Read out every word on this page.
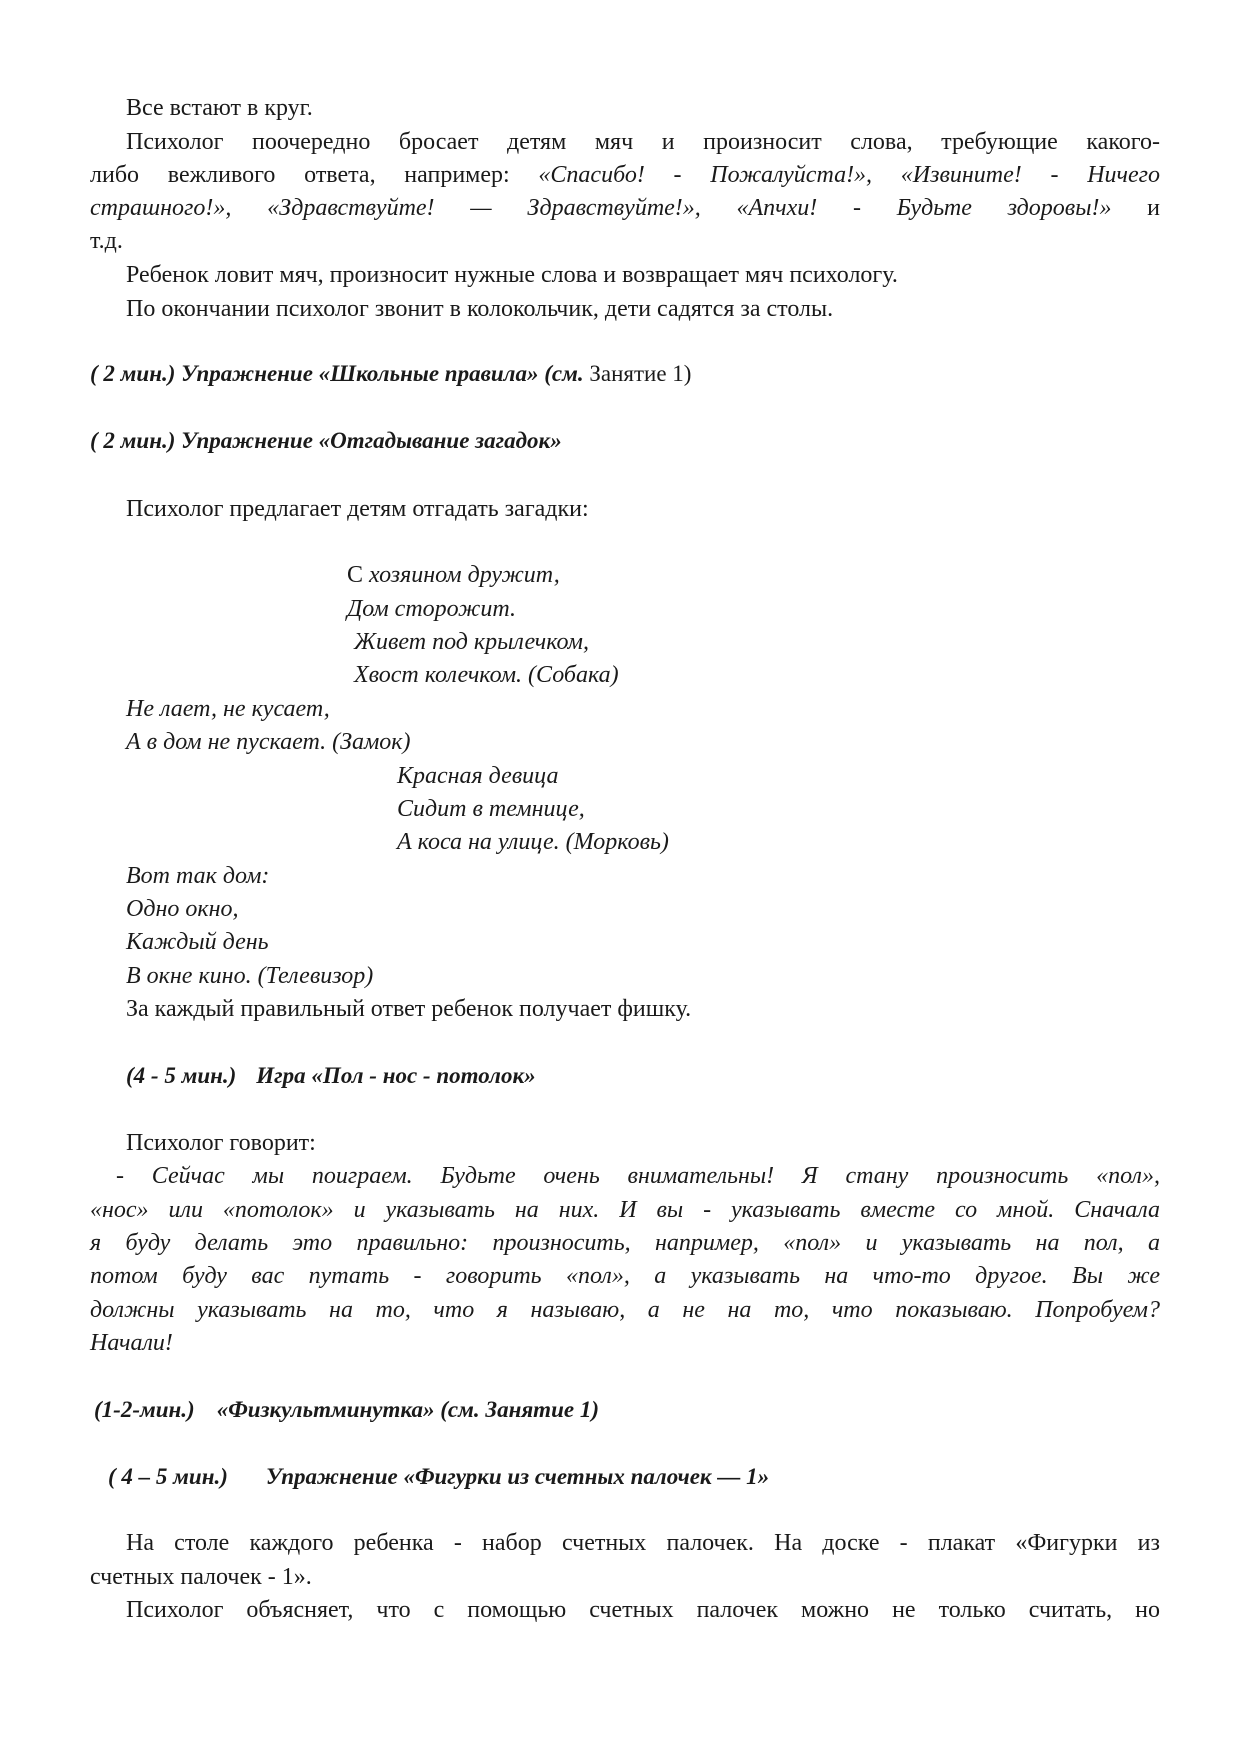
Все встают в круг.
Психолог поочередно бросает детям мяч и произносит слова, требующие какого-
либо вежливого ответа, например: «Спасибо! - Пожалуйста!», «Извините! - Ничего
страшного!», «Здравствуйте! — Здравствуйте!», «Апчхи! - Будьте здоровы!» и
т.д.
Ребенок ловит мяч, произносит нужные слова и возвращает мяч психологу.
По окончании психолог звонит в колокольчик, дети садятся за столы.
( 2 мин.) Упражнение «Школьные правила» (см. Занятие 1)
( 2 мин.) Упражнение «Отгадывание загадок»
Психолог предлагает детям отгадать загадки:
С хозяином дружит,
Дом сторожит.
Живет под крылечком,
Хвост колечком. (Собака)
Не лает, не кусает,
А в дом не пускает. (Замок)
Красная девица
Сидит в темнице,
А коса на улице. (Морковь)
Вот так дом:
Одно окно,
Каждый день
В окне кино. (Телевизор)
За каждый правильный ответ ребенок получает фишку.
(4 - 5 мин.) Игра «Пол - нос - потолок»
Психолог говорит:
- Сейчас мы поиграем. Будьте очень внимательны! Я стану произносить «пол»,
«нос» или «потолок» и указывать на них. И вы - указывать вместе со мной. Сначала
я буду делать это правильно: произносить, например, «пол» и указывать на пол, а
потом буду вас путать - говорить «пол», а указывать на что-то другое. Вы же
должны указывать на то, что я называю, а не на то, что показываю. Попробуем?
Начали!
(1-2-мин.) «Физкультминутка» (см. Занятие 1)
( 4 – 5 мин.) Упражнение «Фигурки из счетных палочек — 1»
На столе каждого ребенка - набор счетных палочек. На доске - плакат «Фигурки из
счетных палочек - 1».
Психолог объясняет, что с помощью счетных палочек можно не только считать, но
